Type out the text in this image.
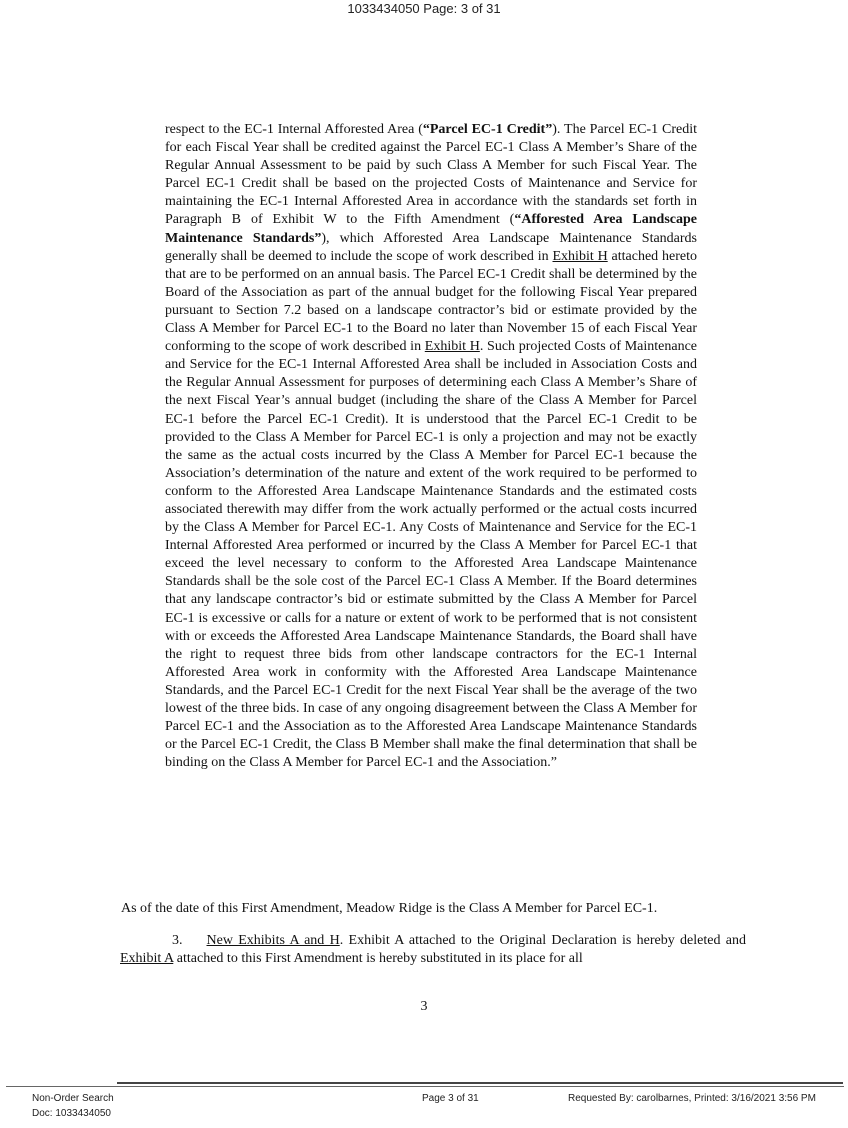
1033434050 Page: 3 of 31

respect to the EC-1 Internal Afforested Area (“Parcel EC-1 Credit”). The Parcel EC-1 Credit for each Fiscal Year shall be credited against the Parcel EC-1 Class A Member’s Share of the Regular Annual Assessment to be paid by such Class A Member for such Fiscal Year. The Parcel EC-1 Credit shall be based on the projected Costs of Maintenance and Service for maintaining the EC-1 Internal Afforested Area in accordance with the standards set forth in Paragraph B of Exhibit W to the Fifth Amendment (“Afforested Area Landscape Maintenance Standards”), which Afforested Area Landscape Maintenance Standards generally shall be deemed to include the scope of work described in Exhibit H attached hereto that are to be performed on an annual basis. The Parcel EC-1 Credit shall be determined by the Board of the Association as part of the annual budget for the following Fiscal Year prepared pursuant to Section 7.2 based on a landscape contractor’s bid or estimate provided by the Class A Member for Parcel EC-1 to the Board no later than November 15 of each Fiscal Year conforming to the scope of work described in Exhibit H. Such projected Costs of Maintenance and Service for the EC-1 Internal Afforested Area shall be included in Association Costs and the Regular Annual Assessment for purposes of determining each Class A Member’s Share of the next Fiscal Year’s annual budget (including the share of the Class A Member for Parcel EC-1 before the Parcel EC-1 Credit). It is understood that the Parcel EC-1 Credit to be provided to the Class A Member for Parcel EC-1 is only a projection and may not be exactly the same as the actual costs incurred by the Class A Member for Parcel EC-1 because the Association’s determination of the nature and extent of the work required to be performed to conform to the Afforested Area Landscape Maintenance Standards and the estimated costs associated therewith may differ from the work actually performed or the actual costs incurred by the Class A Member for Parcel EC-1. Any Costs of Maintenance and Service for the EC-1 Internal Afforested Area performed or incurred by the Class A Member for Parcel EC-1 that exceed the level necessary to conform to the Afforested Area Landscape Maintenance Standards shall be the sole cost of the Parcel EC-1 Class A Member. If the Board determines that any landscape contractor’s bid or estimate submitted by the Class A Member for Parcel EC-1 is excessive or calls for a nature or extent of work to be performed that is not consistent with or exceeds the Afforested Area Landscape Maintenance Standards, the Board shall have the right to request three bids from other landscape contractors for the EC-1 Internal Afforested Area work in conformity with the Afforested Area Landscape Maintenance Standards, and the Parcel EC-1 Credit for the next Fiscal Year shall be the average of the two lowest of the three bids. In case of any ongoing disagreement between the Class A Member for Parcel EC-1 and the Association as to the Afforested Area Landscape Maintenance Standards or the Parcel EC-1 Credit, the Class B Member shall make the final determination that shall be binding on the Class A Member for Parcel EC-1 and the Association.”

As of the date of this First Amendment, Meadow Ridge is the Class A Member for Parcel EC-1.

3. New Exhibits A and H. Exhibit A attached to the Original Declaration is hereby deleted and Exhibit A attached to this First Amendment is hereby substituted in its place for all

3
Non-Order Search
Doc: 1033434050
Page 3 of 31	Requested By: carolbarnes, Printed: 3/16/2021 3:56 PM
